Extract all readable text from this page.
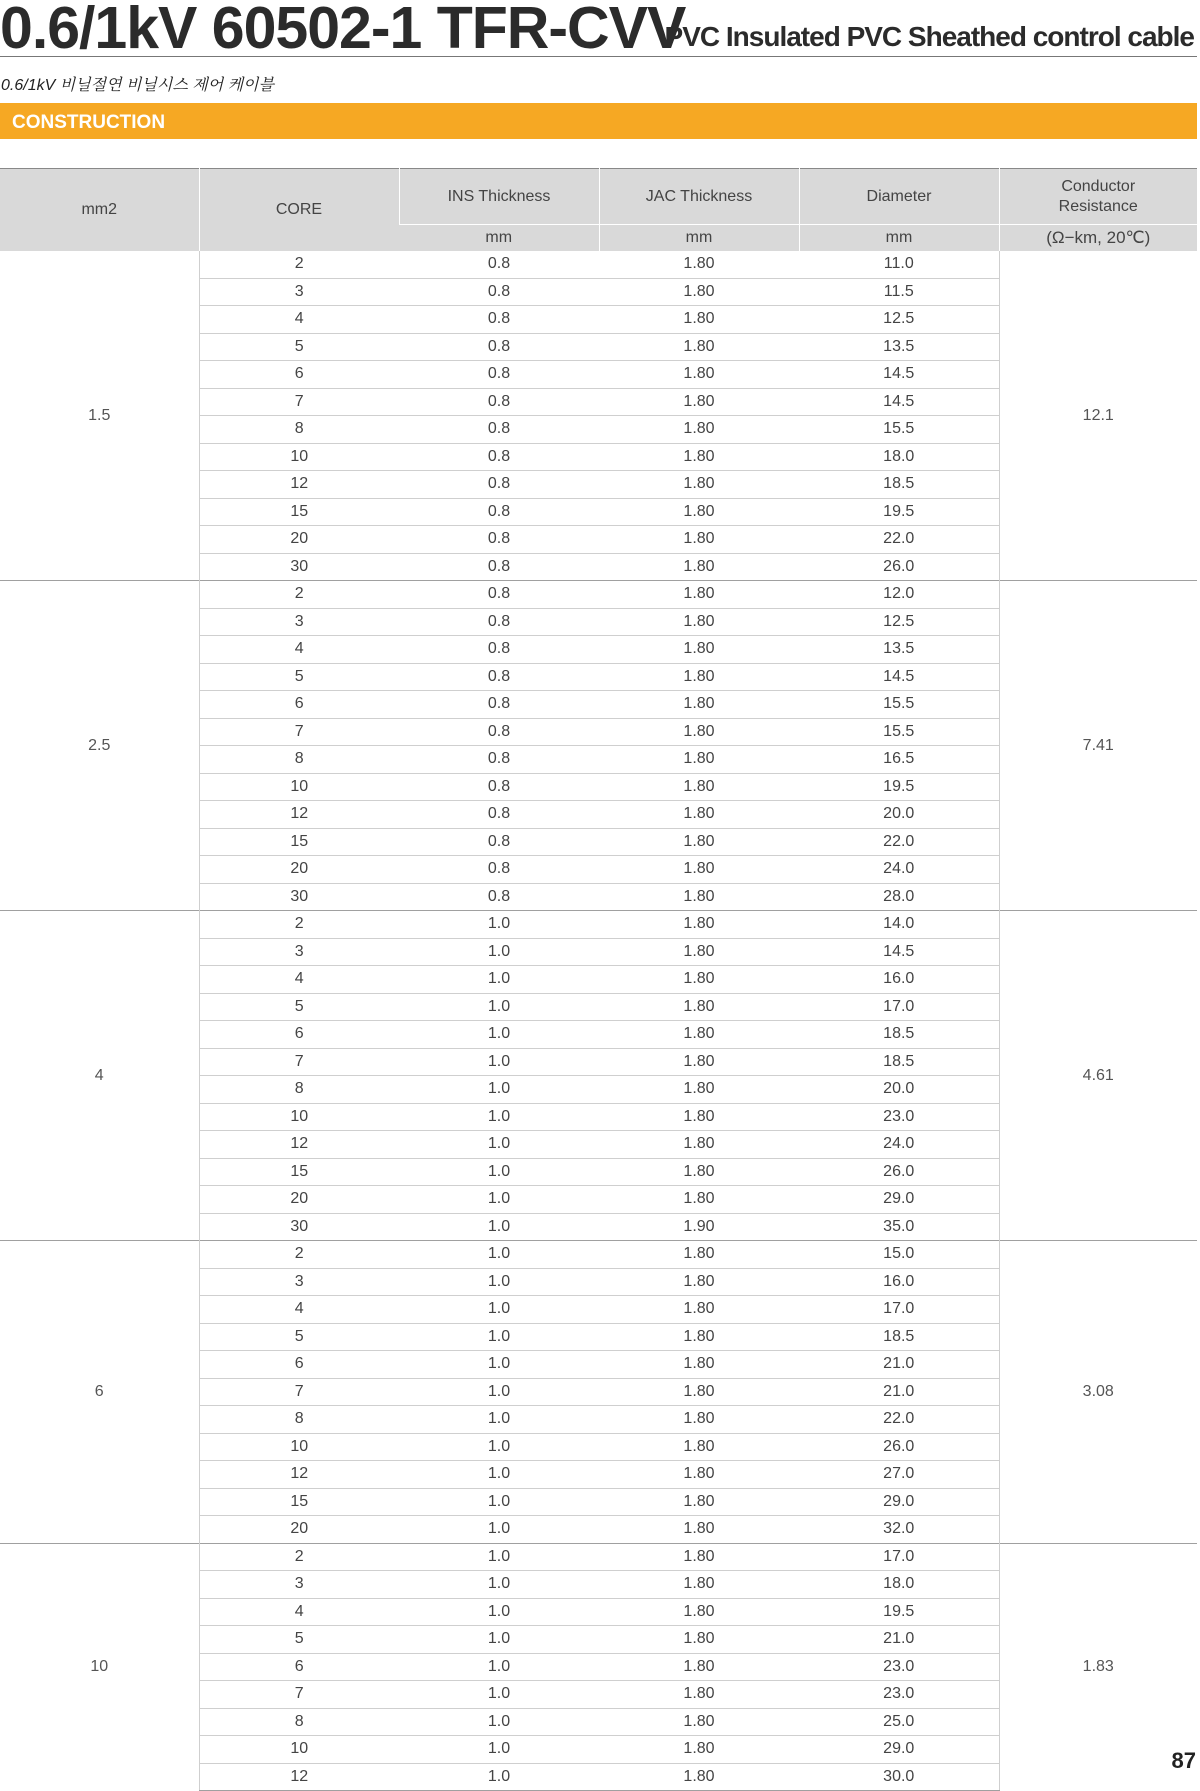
0.6/1kV 60502-1 TFR-CVV
PVC Insulated PVC Sheathed control cable
0.6/1kV 비닐절연 비닐시스 제어 케이블
CONSTRUCTION
mm2	CORE	INS Thickness	JAC Thickness	Diameter	Conductor
Resistance

		mm	mm	mm	(Ω−km, 20℃)
1.5	2	0.8	1.80	11.0	12.1
	3	0.8	1.80	11.5	
	4	0.8	1.80	12.5	
	5	0.8	1.80	13.5	
	6	0.8	1.80	14.5	
	7	0.8	1.80	14.5	
	8	0.8	1.80	15.5	
	10	0.8	1.80	18.0	
	12	0.8	1.80	18.5	
	15	0.8	1.80	19.5	
	20	0.8	1.80	22.0	
	30	0.8	1.80	26.0	
2.5	2	0.8	1.80	12.0	7.41
	3	0.8	1.80	12.5	
	4	0.8	1.80	13.5	
	5	0.8	1.80	14.5	
	6	0.8	1.80	15.5	
	7	0.8	1.80	15.5	
	8	0.8	1.80	16.5	
	10	0.8	1.80	19.5	
	12	0.8	1.80	20.0	
	15	0.8	1.80	22.0	
	20	0.8	1.80	24.0	
	30	0.8	1.80	28.0	
4	2	1.0	1.80	14.0	4.61
	3	1.0	1.80	14.5	
	4	1.0	1.80	16.0	
	5	1.0	1.80	17.0	
	6	1.0	1.80	18.5	
	7	1.0	1.80	18.5	
	8	1.0	1.80	20.0	
	10	1.0	1.80	23.0	
	12	1.0	1.80	24.0	
	15	1.0	1.80	26.0	
	20	1.0	1.80	29.0	
	30	1.0	1.90	35.0	
6	2	1.0	1.80	15.0	3.08
	3	1.0	1.80	16.0	
	4	1.0	1.80	17.0	
	5	1.0	1.80	18.5	
	6	1.0	1.80	21.0	
	7	1.0	1.80	21.0	
	8	1.0	1.80	22.0	
	10	1.0	1.80	26.0	
	12	1.0	1.80	27.0	
	15	1.0	1.80	29.0	
	20	1.0	1.80	32.0	
10	2	1.0	1.80	17.0	1.83
	3	1.0	1.80	18.0	
	4	1.0	1.80	19.5	
	5	1.0	1.80	21.0	
	6	1.0	1.80	23.0	
	7	1.0	1.80	23.0	
	8	1.0	1.80	25.0	
	10	1.0	1.80	29.0	
	12	1.0	1.80	30.0	
87
